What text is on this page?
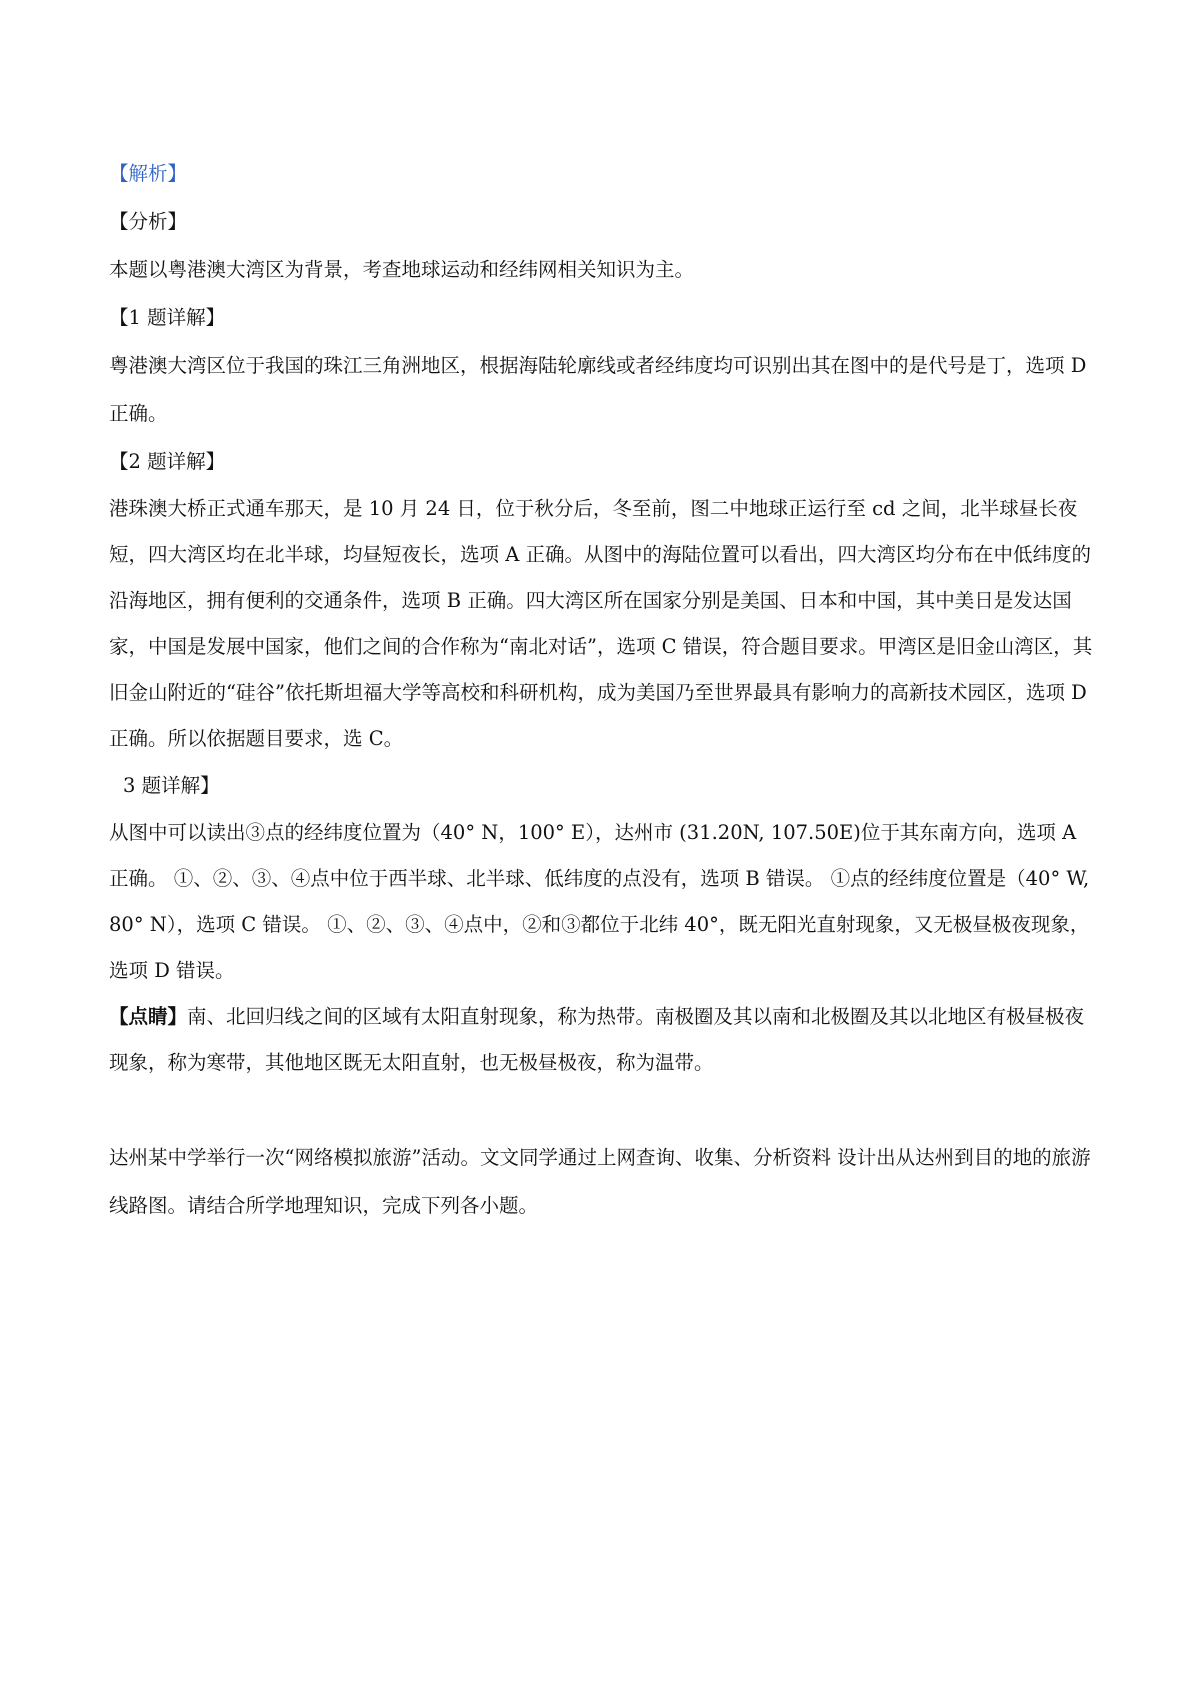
【解析】

【分析】

本题以粤港澳大湾区为背景，考查地球运动和经纬网相关知识为主。

【1 题详解】

粤港澳大湾区位于我国的珠江三角洲地区，根据海陆轮廓线或者经纬度均可识别出其在图中的是代号是丁，选项 D 正确。

【2 题详解】

港珠澳大桥正式通车那天，是 10 月 24 日，位于秋分后，冬至前，图二中地球正运行至 cd 之间，北半球昼长夜短，四大湾区均在北半球，均昼短夜长，选项 A 正确。从图中的海陆位置可以看出，四大湾区均分布在中低纬度的沿海地区，拥有便利的交通条件，选项 B 正确。四大湾区所在国家分别是美国、日本和中国，其中美日是发达国家，中国是发展中国家，他们之间的合作称为“南北对话”，选项 C 错误，符合题目要求。甲湾区是旧金山湾区，其旧金山附近的“硅谷”依托斯坦福大学等高校和科研机构，成为美国乃至世界最具有影响力的高新技术园区，选项 D 正确。所以依据题目要求，选 C。

3 题详解】

从图中可以读出③点的经纬度位置为（40° N，100° E），达州市 (31.20N, 107.50E)位于其东南方向，选项 A 正确。 ①、②、③、④点中位于西半球、北半球、低纬度的点没有，选项 B 错误。 ①点的经纬度位置是（40° W, 80° N），选项 C 错误。 ①、②、③、④点中，②和③都位于北纬 40°，既无阳光直射现象，又无极昼极夜现象，选项 D 错误。

【点睛】南、北回归线之间的区域有太阳直射现象，称为热带。南极圈及其以南和北极圈及其以北地区有极昼极夜现象，称为寒带，其他地区既无太阳直射，也无极昼极夜，称为温带。

达州某中学举行一次“网络模拟旅游”活动。文文同学通过上网查询、收集、分析资料 设计出从达州到目的地的旅游线路图。请结合所学地理知识，完成下列各小题。
